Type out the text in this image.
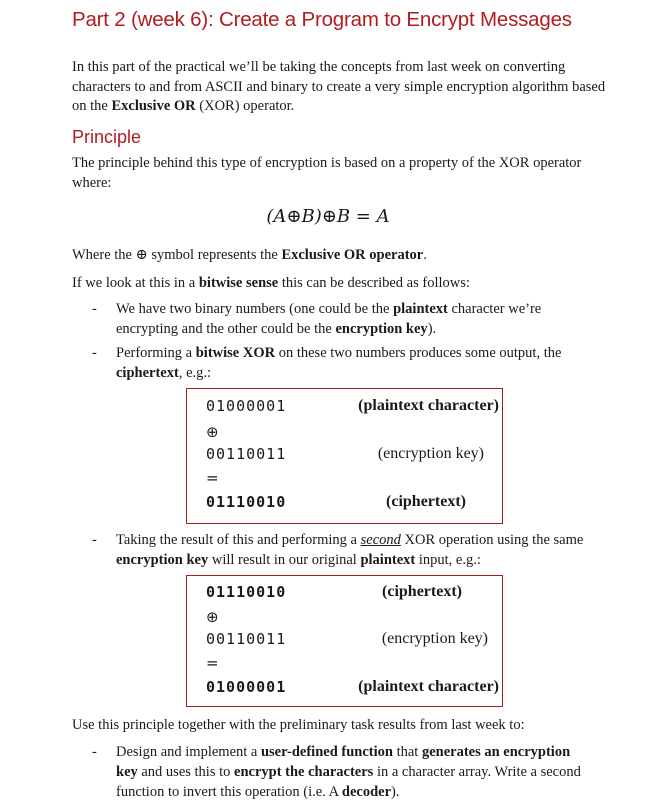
Part 2 (week 6): Create a Program to Encrypt Messages
In this part of the practical we’ll be taking the concepts from last week on converting characters to and from ASCII and binary to create a very simple encryption algorithm based on the Exclusive OR (XOR) operator.
Principle
The principle behind this type of encryption is based on a property of the XOR operator where:
(A⊕B)⊕B = A
Where the ⊕ symbol represents the Exclusive OR operator.
If we look at this in a bitwise sense this can be described as follows:
- We have two binary numbers (one could be the plaintext character we’re encrypting and the other could be the encryption key).
- Performing a bitwise XOR on these two numbers produces some output, the ciphertext, e.g.:
01000001	(plaintext character)
⊕
00110011	(encryption key)
=
01110010	(ciphertext)
- Taking the result of this and performing a second XOR operation using the same encryption key will result in our original plaintext input, e.g.:
01110010	(ciphertext)
⊕
00110011	(encryption key)
=
01000001	(plaintext character)
Use this principle together with the preliminary task results from last week to:
- Design and implement a user-defined function that generates an encryption key and uses this to encrypt the characters in a character array. Write a second function to invert this operation (i.e. A decoder).
